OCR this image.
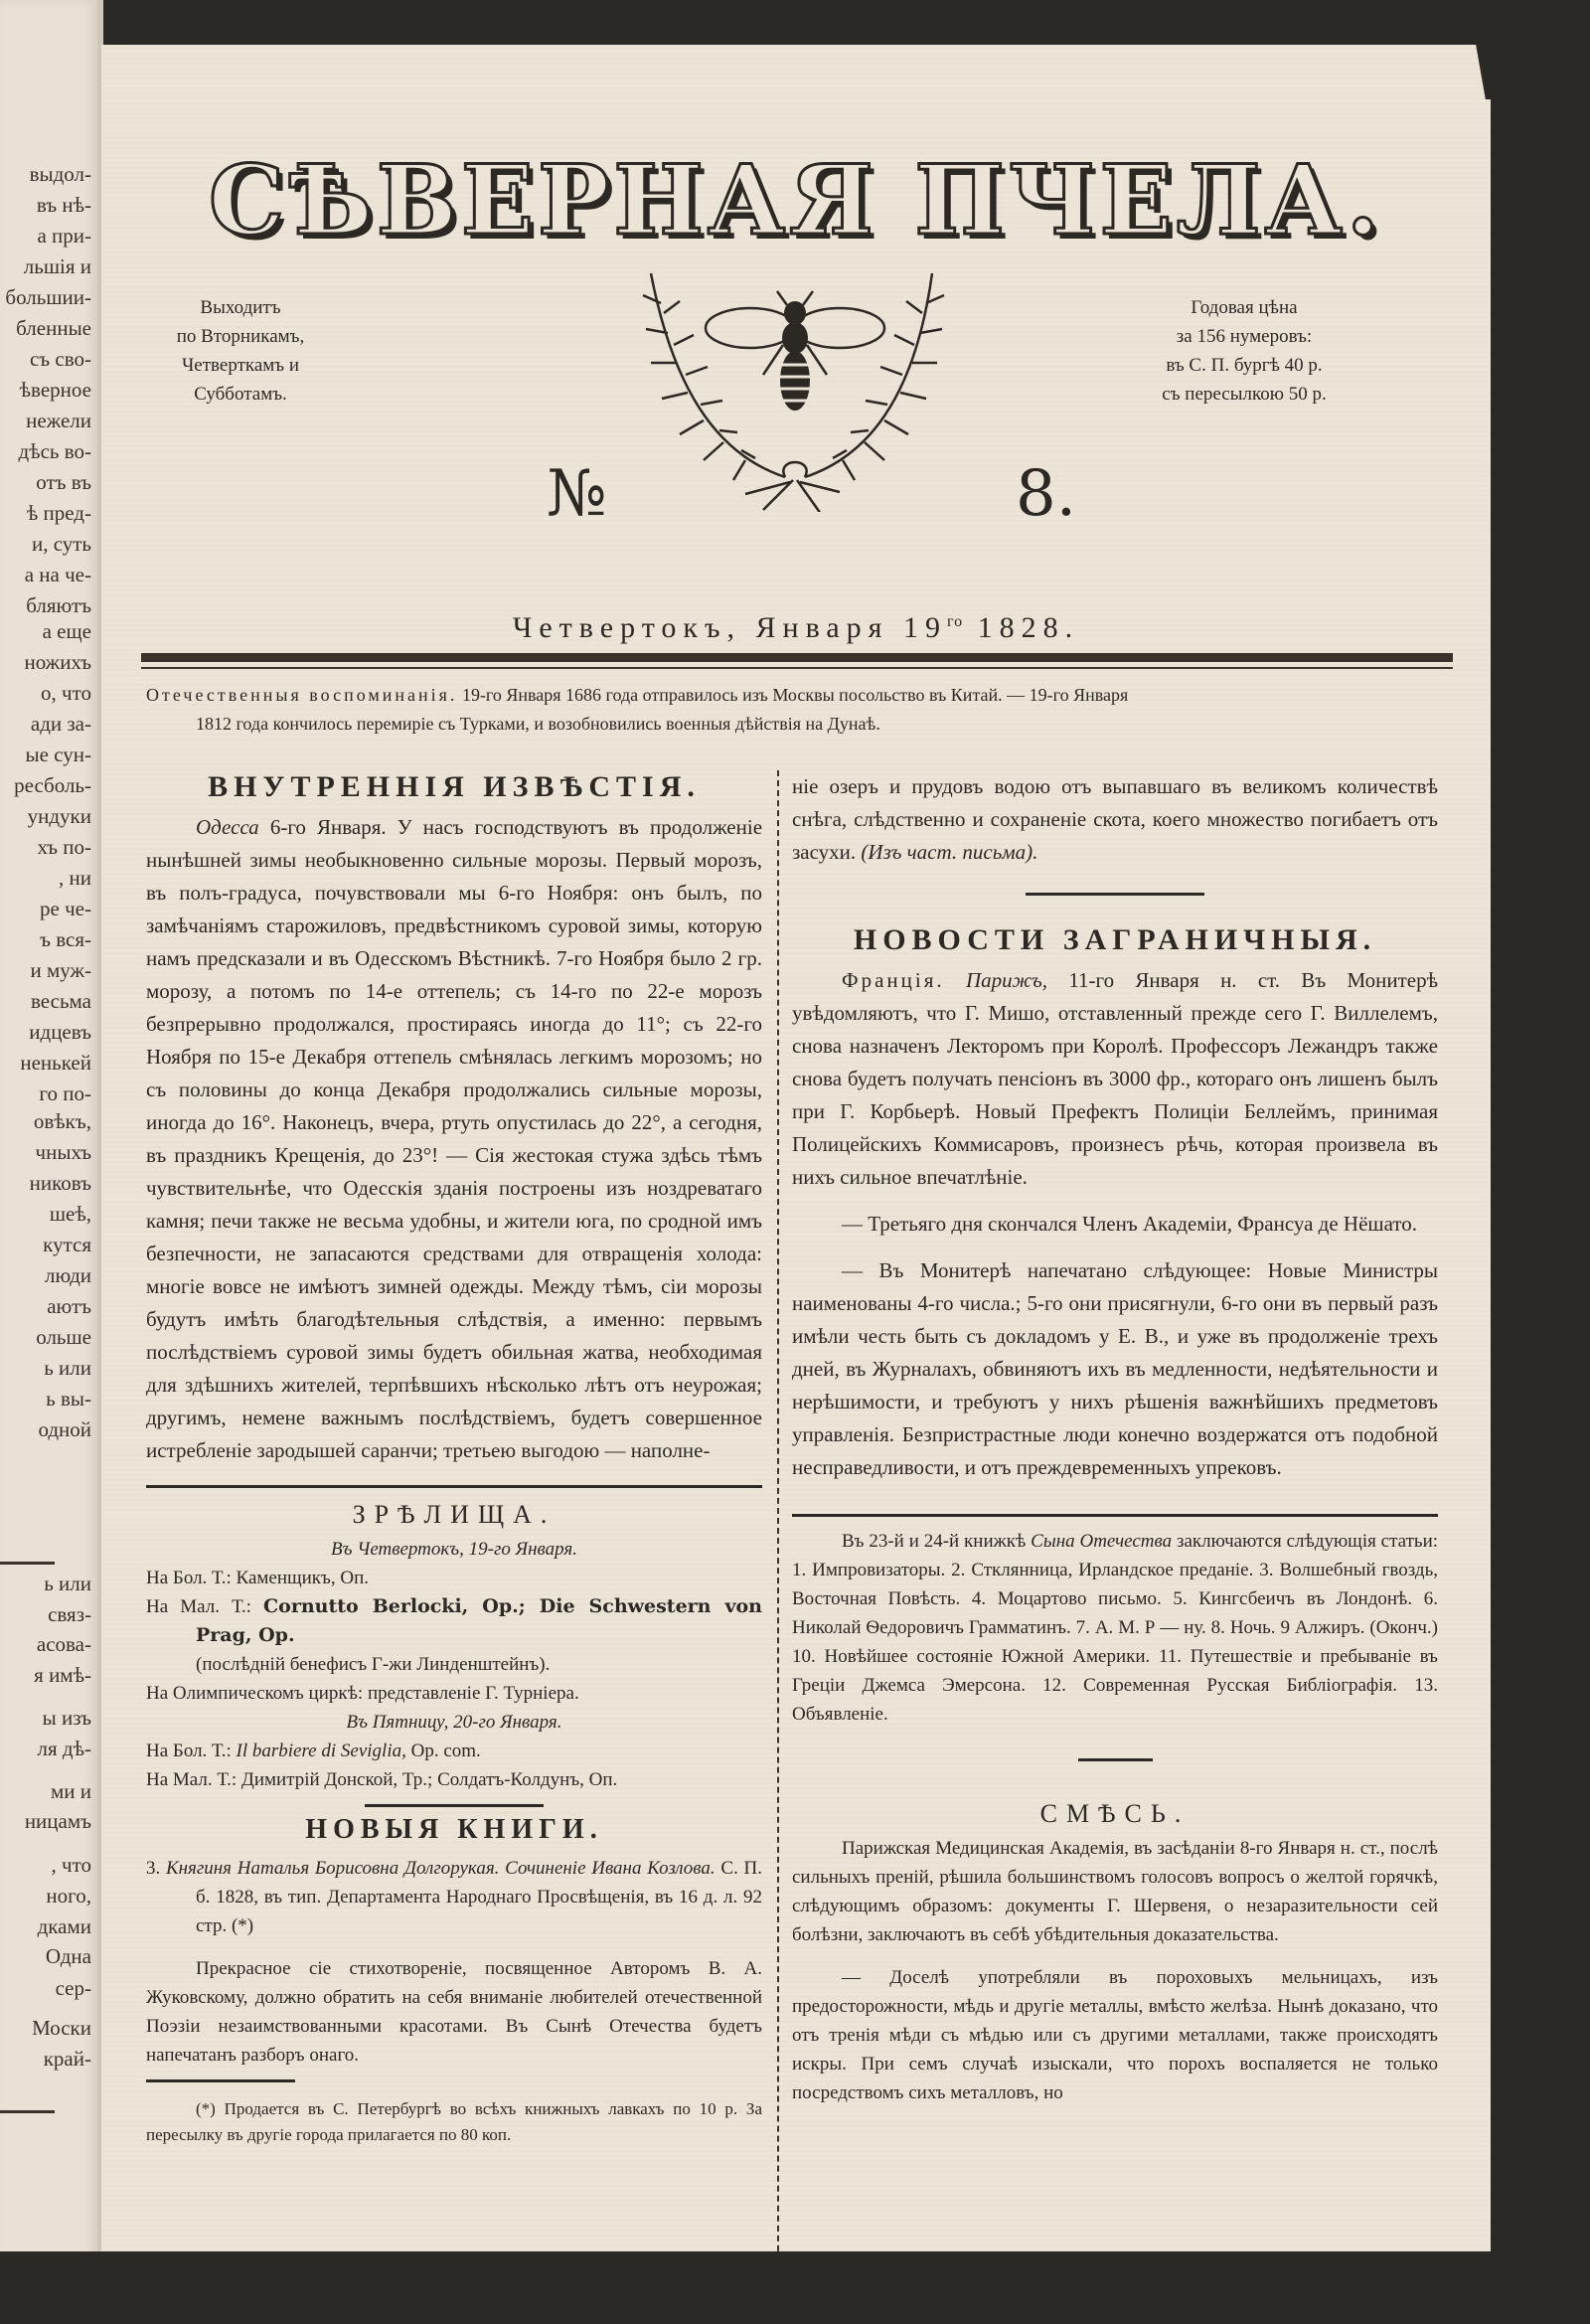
выдол-
въ нѣ-
а при-
льшія и
большии-
бленные
съ сво-
ѣверное
нежели
дѣсь во-
отъ въ
ѣ пред-
и, суть
а на че-
бляютъ
а еще
ножихъ
о, что
ади за-
ые сун-
ресболь-
ундуки
хъ по-
, ни
ре че-
ъ вся-
и муж-
весьма
идцевъ
ненькей
го по-
овѣкъ,
чныхъ
никовъ
шеѣ,
кутся
люди
аютъ
ольше
ь или
ь вы-
одной
ь или
связ-
асова-
я имѣ-
ы изъ
ля дѣ-
ми и
ницамъ
, что
ного,
дками
Одна
сер-
Моски
край-
СѢВЕРНАЯ ПЧЕЛА.
Выходитъ
по Вторникамъ,
Четверткамъ и
Субботамъ.
Годовая цѣна
за 156 нумеровъ:
въ С. П. бургѣ 40 р.
съ пересылкою 50 р.
№	8.
Четвертокъ, Января $19^{го}$ 1828.
Отечественныя воспоминанія. 19-го Января 1686 года отправилось изъ Москвы посольство въ Китай. — 19-го Января
1812 года кончилось перемиріе съ Турками, и возобновились военныя дѣйствія на Дунаѣ.
ВНУТРЕННІЯ ИЗВѢСТІЯ.

Одесса 6-го Января. У насъ господствуютъ въ продолженіе нынѣшней зимы необыкновенно сильные морозы. Первый морозъ, въ полъ-градуса, почувствовали мы 6-го Ноября: онъ былъ, по замѣчаніямъ старожиловъ, предвѣстникомъ суровой зимы, которую намъ предсказали и въ Одесскомъ Вѣстникѣ. 7-го Ноября было 2 гр. морозу, а потомъ по 14-е оттепель; съ 14-го по 22-е морозъ безпрерывно продолжался, простираясь иногда до 11°; съ 22-го Ноября по 15-е Декабря оттепель смѣнялась легкимъ морозомъ; но съ половины до конца Декабря продолжались сильные морозы, иногда до 16°. Наконецъ, вчера, ртуть опустилась до 22°, а сегодня, въ праздникъ Крещенія, до 23°! — Сія жестокая стужа здѣсь тѣмъ чувствительнѣе, что Одесскія зданія построены изъ ноздреватаго камня; печи также не весьма удобны, и жители юга, по сродной имъ безпечности, не запасаются средствами для отвращенія холода: многіе вовсе не имѣютъ зимней одежды. Между тѣмъ, сіи морозы будутъ имѣть благодѣтельныя слѣдствія, а именно: первымъ послѣдствіемъ суровой зимы будетъ обильная жатва, необходимая для здѣшнихъ жителей, терпѣвшихъ нѣсколько лѣтъ отъ неурожая; другимъ, немене важнымъ послѣдствіемъ, будетъ совершенное истребленіе зародышей саранчи; третьею выгодою — наполне-

ЗРѢЛИЩА.
Въ Четвертокъ, 19-го Января.
На Бол. Т.: Каменщикъ, Оп.
На Мал. Т.: Cornutto Berlocki, Op.; Die Schwestern von Prag, Op.
(послѣдній бенефисъ Г-жи Линденштейнъ).
На Олимпическомъ циркѣ: представленіе Г. Турніера.
Въ Пятницу, 20-го Января.
На Бол. Т.: Il barbiere di Seviglia, Op. com.
На Мал. Т.: Димитрій Донской, Тр.; Солдатъ-Колдунъ, Оп.
НОВЫЯ КНИГИ.
3. Княгиня Наталья Борисовна Долгорукая. Сочиненіе Ивана Козлова. С. П. б. 1828, въ тип. Департамента Народнаго Просвѣщенія, въ 16 д. л. 92 стр. (*)

Прекрасное сіе стихотвореніе, посвященное Авторомъ В. А. Жуковскому, должно обратить на себя вниманіе любителей отечественной Поэзіи незаимствованными красотами. Въ Сынѣ Отечества будетъ напечатанъ разборъ онаго.

(*) Продается въ С. Петербургѣ во всѣхъ книжныхъ лавкахъ по 10 р. За пересылку въ другіе города прилагается по 80 коп.

ніе озеръ и прудовъ водою отъ выпавшаго въ великомъ количествѣ снѣга, слѣдственно и сохраненіе скота, коего множество погибаетъ отъ засухи. (Изъ част. письма).

НОВОСТИ ЗАГРАНИЧНЫЯ.

Франція. Парижъ, 11-го Января н. ст. Въ Монитерѣ увѣдомляютъ, что Г. Мишо, отставленный прежде сего Г. Виллелемъ, снова назначенъ Лекторомъ при Королѣ. Профессоръ Лежандръ также снова будетъ получать пенсіонъ въ 3000 фр., котораго онъ лишенъ былъ при Г. Корбьерѣ. Новый Префектъ Полиціи Беллеймъ, принимая Полицейскихъ Коммисаровъ, произнесъ рѣчь, которая произвела въ нихъ сильное впечатлѣніе.

— Третьяго дня скончался Членъ Академіи, Франсуа де Нёшато.

— Въ Монитерѣ напечатано слѣдующее: Новые Министры наименованы 4-го числа.; 5-го они присягнули, 6-го они въ первый разъ имѣли честь быть съ докладомъ у Е. В., и уже въ продолженіе трехъ дней, въ Журналахъ, обвиняютъ ихъ въ медленности, недѣятельности и нерѣшимости, и требуютъ у нихъ рѣшенія важнѣйшихъ предметовъ управленія. Безпристрастные люди конечно воздержатся отъ подобной несправедливости, и отъ преждевременныхъ упрековъ.

Въ 23-й и 24-й книжкѣ Сына Отечества заключаются слѣдующія статьи: 1. Импровизаторы. 2. Стклянница, Ирландское преданіе. 3. Волшебный гвоздь, Восточная Повѣсть. 4. Моцартово письмо. 5. Кингсбеичъ въ Лондонѣ. 6. Николай Ѳедоровичъ Грамматинъ. 7. А. М. Р — ну. 8. Ночь. 9 Алжиръ. (Оконч.) 10. Новѣйшее состояніе Южной Америки. 11. Путешествіе и пребываніе въ Греціи Джемса Эмерсона. 12. Современная Русская Библіографія. 13. Объявленіе.

СМѢСЬ.

Парижская Медицинская Академія, въ засѣданіи 8-го Января н. ст., послѣ сильныхъ преній, рѣшила большинствомъ голосовъ вопросъ о желтой горячкѣ, слѣдующимъ образомъ: документы Г. Шервеня, о незаразительности сей болѣзни, заключаютъ въ себѣ убѣдительныя доказательства.

— Доселѣ употребляли въ пороховыхъ мельницахъ, изъ предосторожности, мѣдь и другіе металлы, вмѣсто желѣза. Нынѣ доказано, что отъ тренія мѣди съ мѣдью или съ другими металлами, также происходятъ искры. При семъ случаѣ изыскали, что порохъ воспаляется не только посредствомъ сихъ металловъ, но
